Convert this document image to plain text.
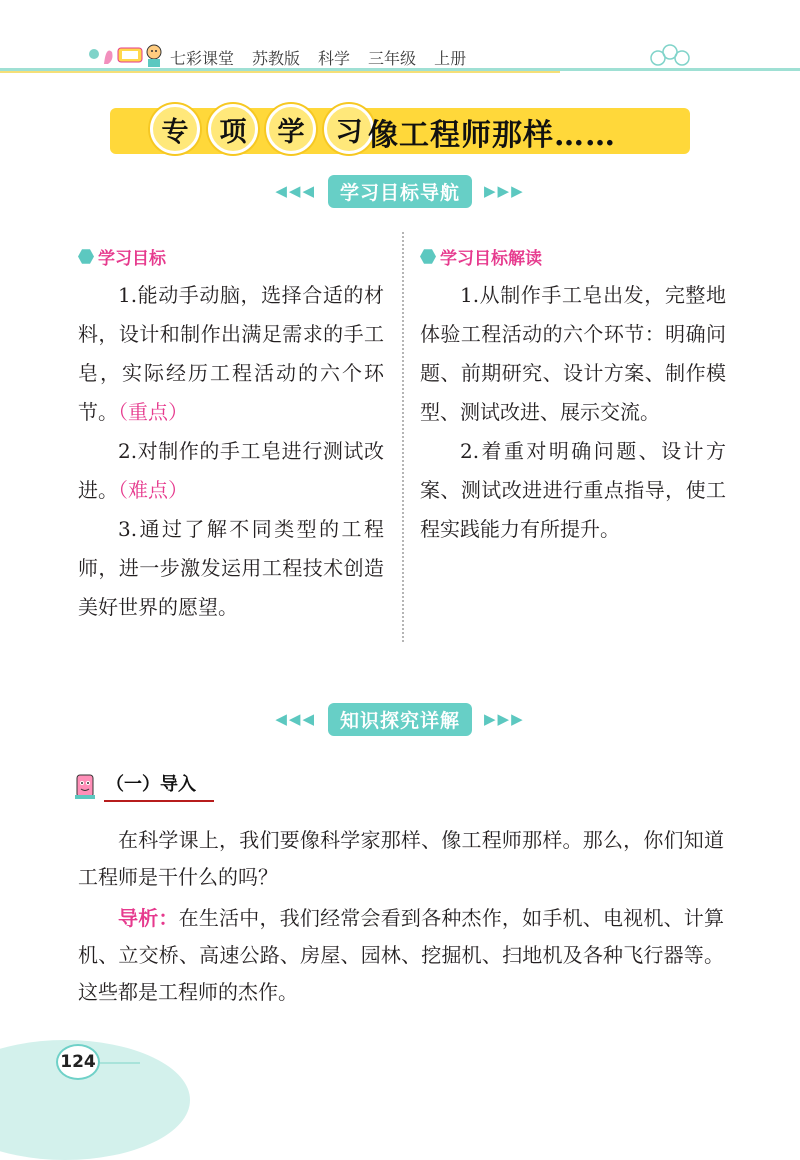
七彩课堂 苏教版 科学 三年级 上册
专	项	学	习 像工程师那样……
◀◀◀	学习目标导航	▶▶▶
学习目标

1.能动手动脑，选择合适的材料，设计和制作出满足需求的手工皂，实际经历工程活动的六个环节。（重点）

2.对制作的手工皂进行测试改进。（难点）

3.通过了解不同类型的工程师，进一步激发运用工程技术创造美好世界的愿望。

学习目标解读

1.从制作手工皂出发，完整地体验工程活动的六个环节：明确问题、前期研究、设计方案、制作模型、测试改进、展示交流。

2.着重对明确问题、设计方案、测试改进进行重点指导，使工程实践能力有所提升。

◀◀◀	知识探究详解	▶▶▶
（一）导入

在科学课上，我们要像科学家那样、像工程师那样。那么，你们知道工程师是干什么的吗？

导析：在生活中，我们经常会看到各种杰作，如手机、电视机、计算机、立交桥、高速公路、房屋、园林、挖掘机、扫地机及各种飞行器等。这些都是工程师的杰作。

124
